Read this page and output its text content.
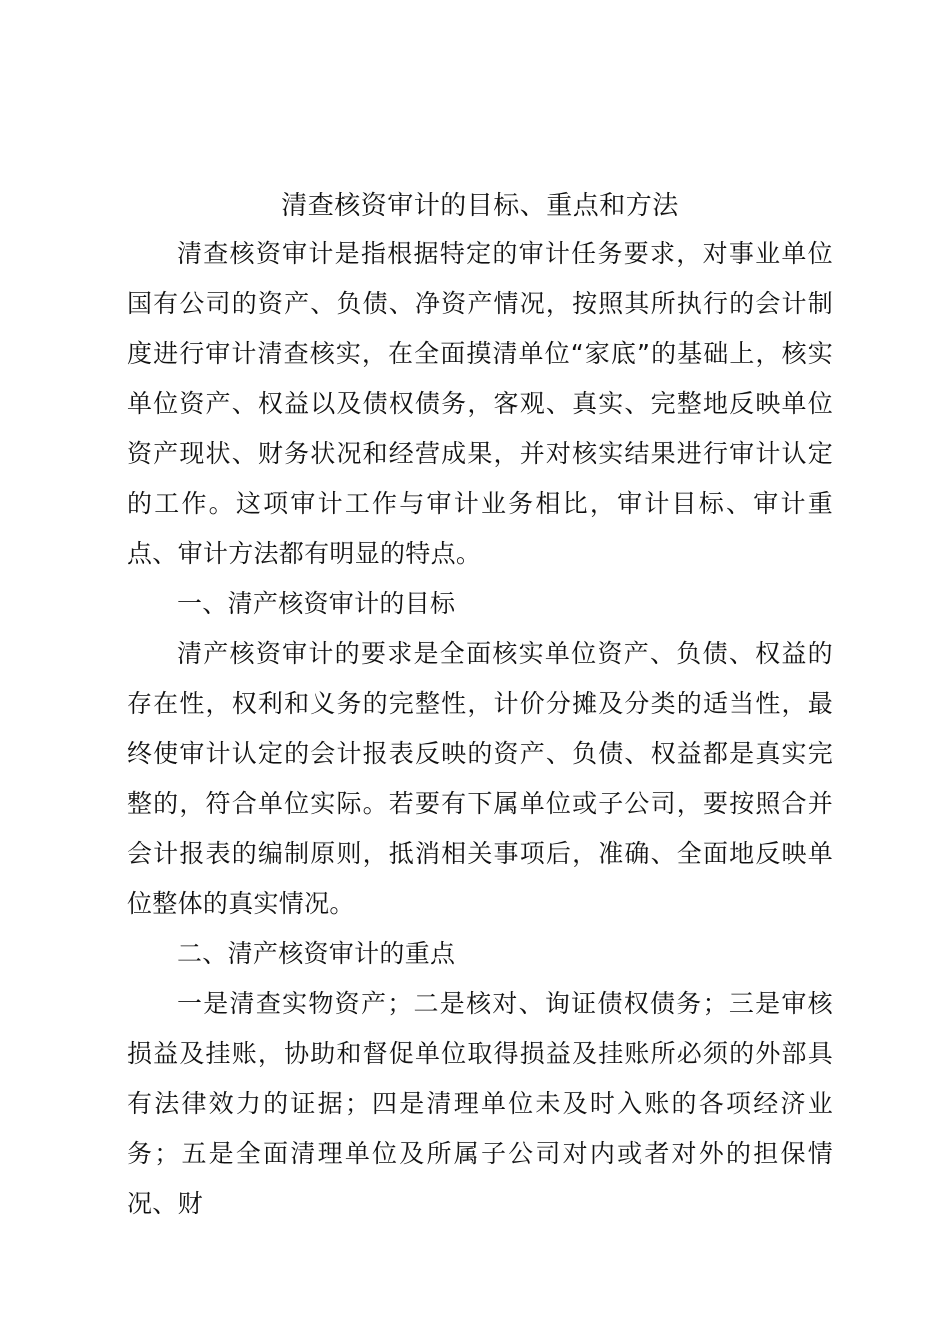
清查核资审计的目标、重点和方法

清查核资审计是指根据特定的审计任务要求，对事业单位国有公司的资产、负债、净资产情况，按照其所执行的会计制度进行审计清查核实，在全面摸清单位“家底”的基础上，核实单位资产、权益以及债权债务，客观、真实、完整地反映单位资产现状、财务状况和经营成果，并对核实结果进行审计认定的工作。这项审计工作与审计业务相比，审计目标、审计重点、审计方法都有明显的特点。

一、清产核资审计的目标

清产核资审计的要求是全面核实单位资产、负债、权益的存在性，权利和义务的完整性，计价分摊及分类的适当性，最终使审计认定的会计报表反映的资产、负债、权益都是真实完整的，符合单位实际。若要有下属单位或子公司，要按照合并会计报表的编制原则，抵消相关事项后，准确、全面地反映单位整体的真实情况。

二、清产核资审计的重点

一是清查实物资产；二是核对、询证债权债务；三是审核损益及挂账，协助和督促单位取得损益及挂账所必须的外部具有法律效力的证据；四是清理单位未及时入账的各项经济业务；五是全面清理单位及所属子公司对内或者对外的担保情况、财
